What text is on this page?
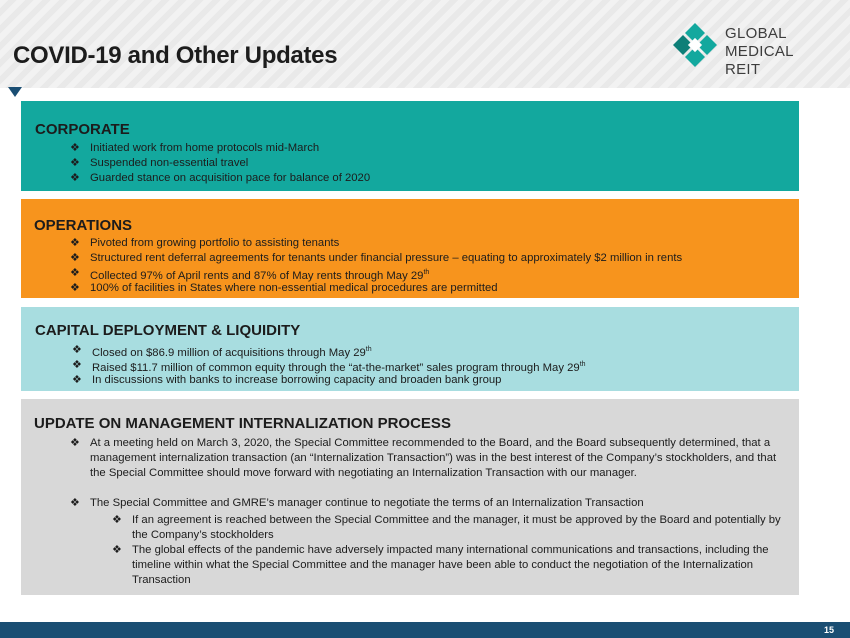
COVID-19 and Other Updates
GLOBAL
MEDICAL REIT
CORPORATE
❖ Initiated work from home protocols mid-March
❖ Suspended non-essential travel
❖ Guarded stance on acquisition pace for balance of 2020
OPERATIONS
❖ Pivoted from growing portfolio to assisting tenants
❖ Structured rent deferral agreements for tenants under financial pressure – equating to approximately $2 million in rents
❖ Collected 97% of April rents and 87% of May rents through May 29th
❖ 100% of facilities in States where non-essential medical procedures are permitted
CAPITAL DEPLOYMENT & LIQUIDITY
❖ Closed on $86.9 million of acquisitions through May 29th
❖ Raised $11.7 million of common equity through the “at-the-market” sales program through May 29th
❖ In discussions with banks to increase borrowing capacity and broaden bank group
UPDATE ON MANAGEMENT INTERNALIZATION PROCESS
❖ At a meeting held on March 3, 2020, the Special Committee recommended to the Board, and the Board subsequently determined, that a management internalization transaction (an “Internalization Transaction”) was in the best interest of the Company’s stockholders, and that the Special Committee should move forward with negotiating an Internalization Transaction with our manager.
❖ The Special Committee and GMRE’s manager continue to negotiate the terms of an Internalization Transaction
❖ If an agreement is reached between the Special Committee and the manager, it must be approved by the Board and potentially by the Company’s stockholders
❖ The global effects of the pandemic have adversely impacted many international communications and transactions, including the timeline within what the Special Committee and the manager have been able to conduct the negotiation of the Internalization Transaction
15
